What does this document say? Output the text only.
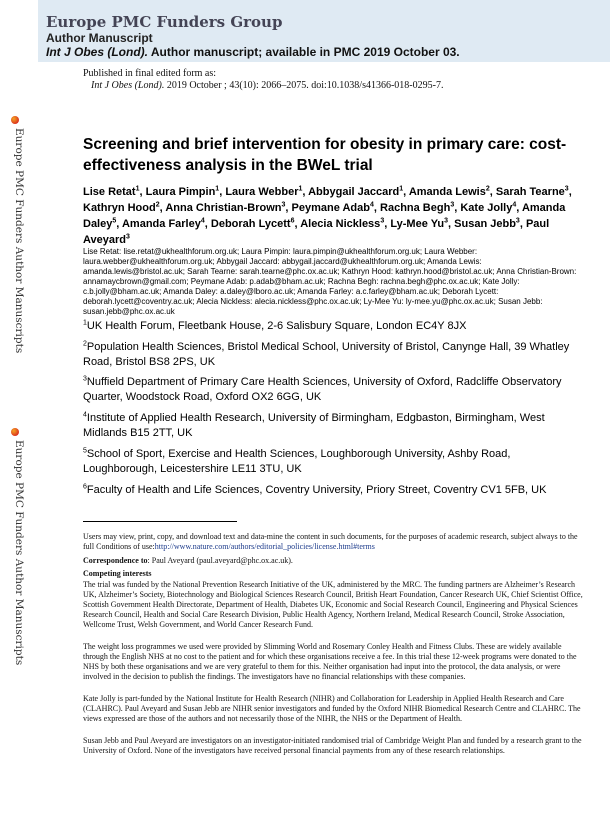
Europe PMC Funders Author Manuscripts
Europe PMC Funders Author Manuscripts
Europe PMC Funders Group
Author Manuscript
Int J Obes (Lond). Author manuscript; available in PMC 2019 October 03.
Published in final edited form as:
Int J Obes (Lond). 2019 October ; 43(10): 2066–2075. doi:10.1038/s41366-018-0295-7.
Screening and brief intervention for obesity in primary care: cost-effectiveness analysis in the BWeL trial
Lise Retat$^1$, Laura Pimpin$^1$, Laura Webber$^1$, Abbygail Jaccard$^1$, Amanda Lewis$^2$, Sarah Tearne$^3$, Kathryn Hood$^2$, Anna Christian-Brown$^3$, Peymane Adab$^4$, Rachna Begh$^3$, Kate Jolly$^4$, Amanda Daley$^5$, Amanda Farley$^4$, Deborah Lycett$^6$, Alecia Nickless$^3$, Ly-Mee Yu$^3$, Susan Jebb$^3$, Paul Aveyard$^3$
Lise Retat: lise.retat@ukhealthforum.org.uk; Laura Pimpin: laura.pimpin@ukhealthforum.org.uk; Laura Webber: laura.webber@ukhealthforum.org.uk; Abbygail Jaccard: abbygail.jaccard@ukhealthforum.org.uk; Amanda Lewis: amanda.lewis@bristol.ac.uk; Sarah Tearne: sarah.tearne@phc.ox.ac.uk; Kathryn Hood: kathryn.hood@bristol.ac.uk; Anna Christian-Brown: annamaycbrown@gmail.com; Peymane Adab: p.adab@bham.ac.uk; Rachna Begh: rachna.begh@phc.ox.ac.uk; Kate Jolly: c.b.jolly@bham.ac.uk; Amanda Daley: a.daley@lboro.ac.uk; Amanda Farley: a.c.farley@bham.ac.uk; Deborah Lycett: deborah.lycett@coventry.ac.uk; Alecia Nickless: alecia.nickless@phc.ox.ac.uk; Ly-Mee Yu: ly-mee.yu@phc.ox.ac.uk; Susan Jebb: susan.jebb@phc.ox.ac.uk
$^1$UK Health Forum, Fleetbank House, 2-6 Salisbury Square, London EC4Y 8JX
$^2$Population Health Sciences, Bristol Medical School, University of Bristol, Canynge Hall, 39 Whatley Road, Bristol BS8 2PS, UK
$^3$Nuffield Department of Primary Care Health Sciences, University of Oxford, Radcliffe Observatory Quarter, Woodstock Road, Oxford OX2 6GG, UK
$^4$Institute of Applied Health Research, University of Birmingham, Edgbaston, Birmingham, West Midlands B15 2TT, UK
$^5$School of Sport, Exercise and Health Sciences, Loughborough University, Ashby Road, Loughborough, Leicestershire LE11 3TU, UK
$^6$Faculty of Health and Life Sciences, Coventry University, Priory Street, Coventry CV1 5FB, UK
Users may view, print, copy, and download text and data-mine the content in such documents, for the purposes of academic research, subject always to the full Conditions of use:http://www.nature.com/authors/editorial_policies/license.html#terms
Correspondence to: Paul Aveyard (paul.aveyard@phc.ox.ac.uk).
Competing interests
The trial was funded by the National Prevention Research Initiative of the UK, administered by the MRC. The funding partners are Alzheimer’s Research UK, Alzheimer’s Society, Biotechnology and Biological Sciences Research Council, British Heart Foundation, Cancer Research UK, Chief Scientist Office, Scottish Government Health Directorate, Department of Health, Diabetes UK, Economic and Social Research Council, Engineering and Physical Sciences Research Council, Health and Social Care Research Division, Public Health Agency, Northern Ireland, Medical Research Council, Stroke Association, Wellcome Trust, Welsh Government, and World Cancer Research Fund.
The weight loss programmes we used were provided by Slimming World and Rosemary Conley Health and Fitness Clubs. These are widely available through the English NHS at no cost to the patient and for which these organisations receive a fee. In this trial these 12-week programs were donated to the NHS by both these organisations and we are very grateful to them for this. Neither organisation had input into the protocol, the data analysis, or were involved in the decision to publish the findings. The investigators have no financial relationships with these companies.
Kate Jolly is part-funded by the National Institute for Health Research (NIHR) and Collaboration for Leadership in Applied Health Research and Care (CLAHRC). Paul Aveyard and Susan Jebb are NIHR senior investigators and funded by the Oxford NIHR Biomedical Research Centre and CLAHRC. The views expressed are those of the authors and not necessarily those of the NIHR, the NHS or the Department of Health.
Susan Jebb and Paul Aveyard are investigators on an investigator-initiated randomised trial of Cambridge Weight Plan and funded by a research grant to the University of Oxford. None of the investigators have received personal financial payments from any of these research relationships.
